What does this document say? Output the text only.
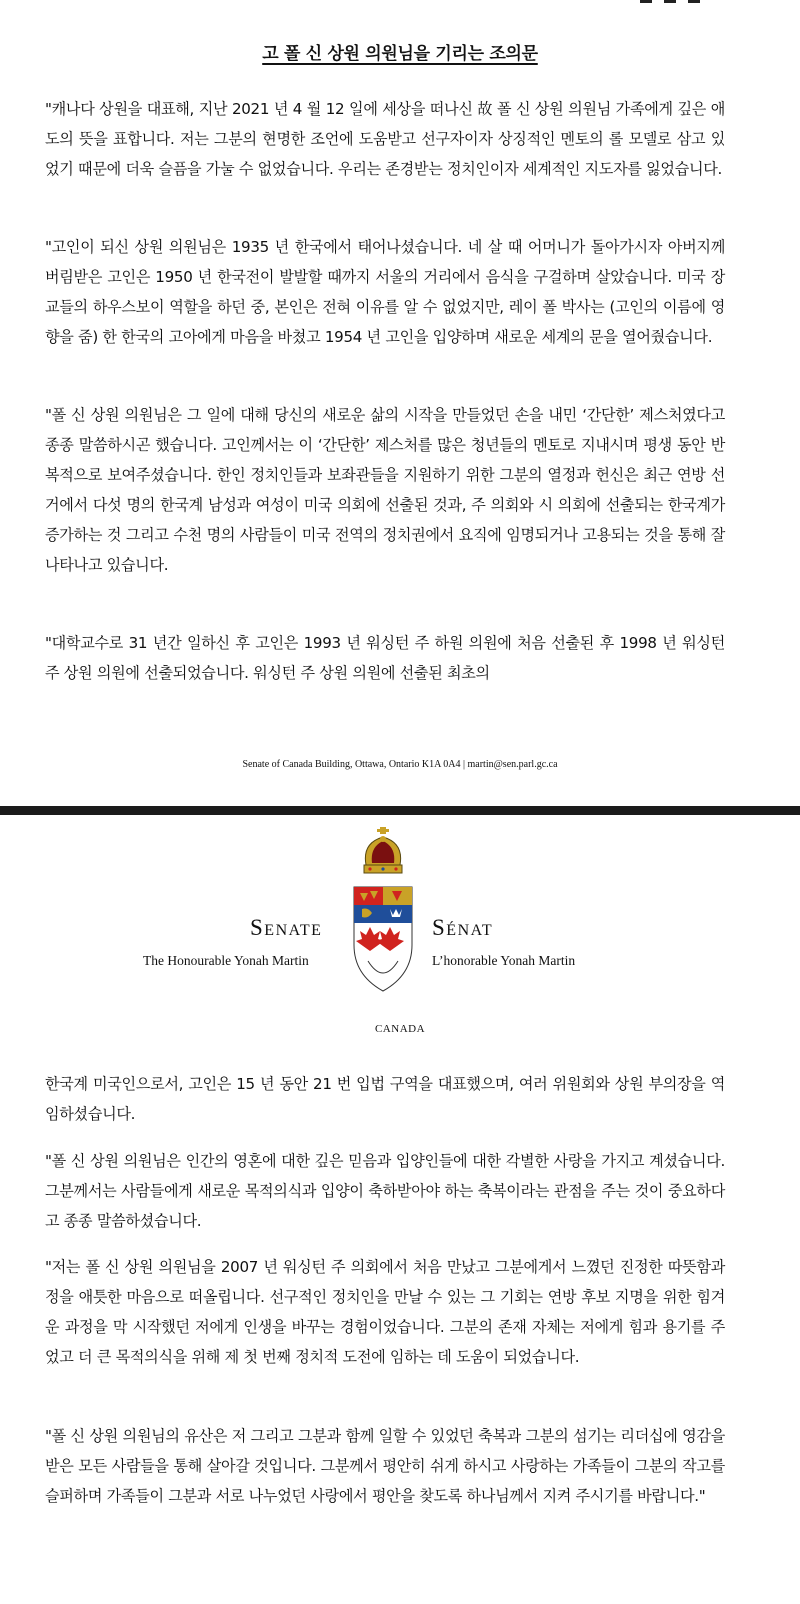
고 폴 신 상원 의원님을 기리는 조의문

"캐나다 상원을 대표해, 지난 2021 년 4 월 12 일에 세상을 떠나신 故 폴 신 상원 의원님 가족에게 깊은 애도의 뜻을 표합니다. 저는 그분의 현명한 조언에 도움받고 선구자이자 상징적인 멘토의 롤 모델로 삼고 있었기 때문에 더욱 슬픔을 가눌 수 없었습니다. 우리는 존경받는 정치인이자 세계적인 지도자를 잃었습니다.

"고인이 되신 상원 의원님은 1935 년 한국에서 태어나셨습니다. 네 살 때 어머니가 돌아가시자 아버지께 버림받은 고인은 1950 년 한국전이 발발할 때까지 서울의 거리에서 음식을 구걸하며 살았습니다. 미국 장교들의 하우스보이 역할을 하던 중, 본인은 전혀 이유를 알 수 없었지만, 레이 폴 박사는 (고인의 이름에 영향을 줌) 한 한국의 고아에게 마음을 바쳤고 1954 년 고인을 입양하며 새로운 세계의 문을 열어줬습니다.

"폴 신 상원 의원님은 그 일에 대해 당신의 새로운 삶의 시작을 만들었던 손을 내민 ‘간단한’ 제스처였다고 종종 말씀하시곤 했습니다. 고인께서는 이 ‘간단한’ 제스처를 많은 청년들의 멘토로 지내시며 평생 동안 반복적으로 보여주셨습니다. 한인 정치인들과 보좌관들을 지원하기 위한 그분의 열정과 헌신은 최근 연방 선거에서 다섯 명의 한국계 남성과 여성이 미국 의회에 선출된 것과, 주 의회와 시 의회에 선출되는 한국계가 증가하는 것 그리고 수천 명의 사람들이 미국 전역의 정치권에서 요직에 임명되거나 고용되는 것을 통해 잘 나타나고 있습니다.

"대학교수로 31 년간 일하신 후 고인은 1993 년 워싱턴 주 하원 의원에 처음 선출된 후 1998 년 워싱턴 주 상원 의원에 선출되었습니다. 워싱턴 주 상원 의원에 선출된 최초의

Senate of Canada Building, Ottawa, Ontario K1A 0A4 | martin@sen.parl.gc.ca
Senate
The Honourable Yonah Martin
Sénat
L’honorable Yonah Martin

한국계 미국인으로서, 고인은 15 년 동안 21 번 입법 구역을 대표했으며, 여러 위원회와 상원 부의장을 역임하셨습니다.

"폴 신 상원 의원님은 인간의 영혼에 대한 깊은 믿음과 입양인들에 대한 각별한 사랑을 가지고 계셨습니다. 그분께서는 사람들에게 새로운 목적의식과 입양이 축하받아야 하는 축복이라는 관점을 주는 것이 중요하다고 종종 말씀하셨습니다.

"저는 폴 신 상원 의원님을 2007 년 워싱턴 주 의회에서 처음 만났고 그분에게서 느꼈던 진정한 따뜻함과 정을 애틋한 마음으로 떠올립니다. 선구적인 정치인을 만날 수 있는 그 기회는 연방 후보 지명을 위한 힘겨운 과정을 막 시작했던 저에게 인생을 바꾸는 경험이었습니다. 그분의 존재 자체는 저에게 힘과 용기를 주었고 더 큰 목적의식을 위해 제 첫 번째 정치적 도전에 임하는 데 도움이 되었습니다.

"폴 신 상원 의원님의 유산은 저 그리고 그분과 함께 일할 수 있었던 축복과 그분의 섬기는 리더십에 영감을 받은 모든 사람들을 통해 살아갈 것입니다. 그분께서 평안히 쉬게 하시고 사랑하는 가족들이 그분의 작고를 슬퍼하며 가족들이 그분과 서로 나누었던 사랑에서 평안을 찾도록 하나님께서 지켜 주시기를 바랍니다."

CANADA
